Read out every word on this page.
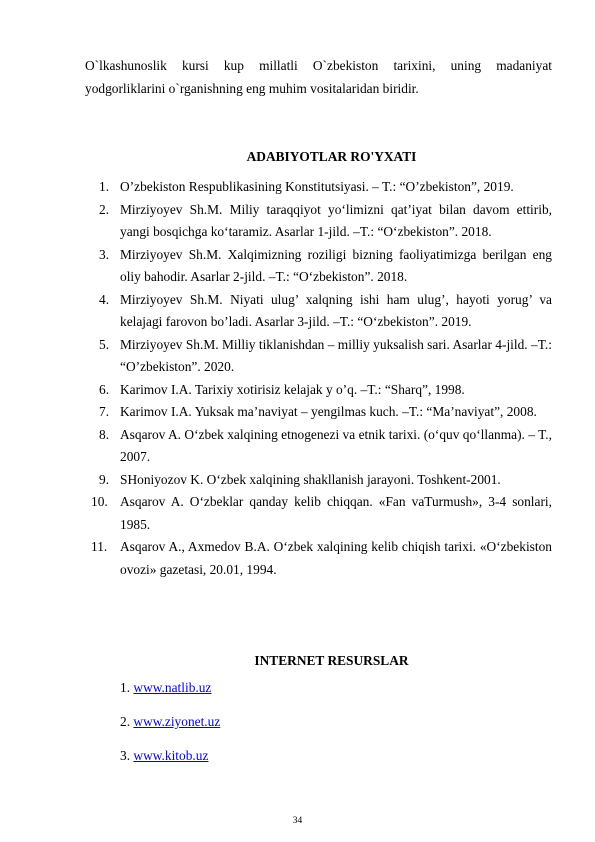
O`lkashunoslik kursi kup millatli O`zbekiston tarixini, uning madaniyat
yodgorliklarini o`rganishning eng muhim vositalaridan biridir.
ADABIYOTLAR RO'YXATI
1. O’zbekiston Respublikasining Konstitutsiyasi. – T.: “O’zbekiston”, 2019.
2. Mirziyoyev Sh.M. Miliy taraqqiyot yo‘limizni qat’iyat bilan davom ettirib, yangi bosqichga ko‘taramiz. Asarlar 1-jild. –T.: “O‘zbekiston”. 2018.
3. Mirziyoyev Sh.M. Xalqimizning roziligi bizning faoliyatimizga berilgan eng oliy bahodir. Asarlar 2-jild. –T.: “O‘zbekiston”. 2018.
4. Mirziyoyev Sh.M. Niyati ulug’ xalqning ishi ham ulug’, hayoti yorug’ va kelajagi farovon bo’ladi. Asarlar 3-jild. –T.: “O‘zbekiston”. 2019.
5. Mirziyoyev Sh.M. Milliy tiklanishdan – milliy yuksalish sari. Asarlar 4-jild. –T.: “O’zbekiston”. 2020.
6. Karimov I.A. Tarixiy xotirisiz kelajak y o’q. –T.: “Sharq”, 1998.
7. Karimov I.A. Yuksak ma’naviyat – yengilmas kuch. –T.: “Ma’naviyat”, 2008.
8. Asqarov A. O‘zbek xalqining etnogenezi va etnik tarixi. (o‘quv qo‘llanma). – T., 2007.
9. SHoniyozov K. O‘zbek xalqining shakllanish jarayoni. Toshkent-2001.
10. Asqarov A. O‘zbeklar qanday kelib chiqqan. «Fan vaTurmush», 3-4 sonlari, 1985.
11. Asqarov A., Axmedov B.A. O‘zbek xalqining kelib chiqish tarixi. «O‘zbekiston ovozi» gazetasi, 20.01, 1994.
INTERNET RESURSLAR
1. www.natlib.uz
2. www.ziyonet.uz
3. www.kitob.uz
34
